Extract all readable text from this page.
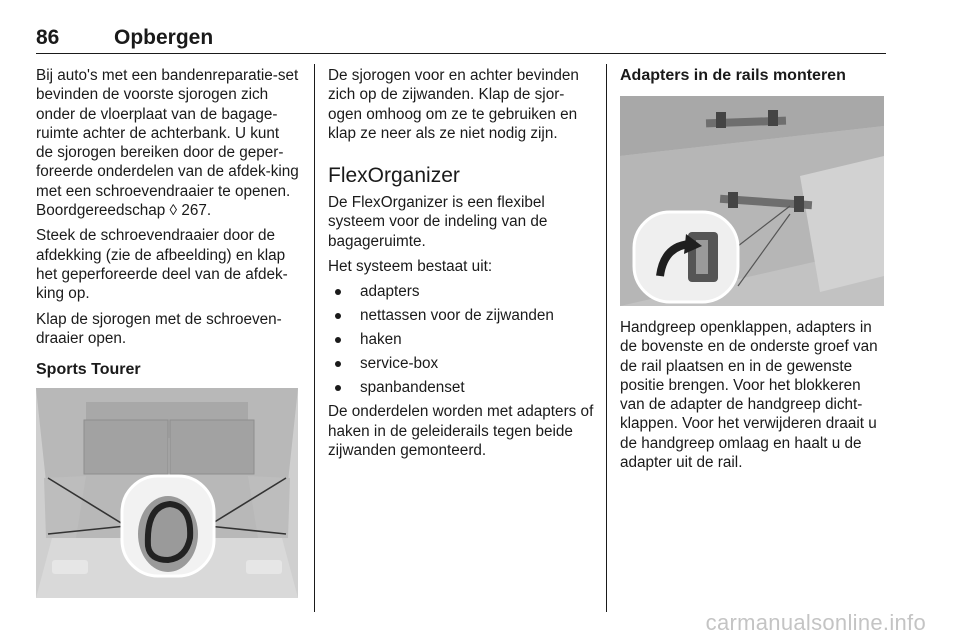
86	Opbergen

Bij auto's met een bandenreparatie-set bevinden de voorste sjorogen zich onder de vloerplaat van de bagage-ruimte achter de achterbank. U kunt de sjorogen bereiken door de geper-foreerde onderdelen van de afdek-king met een schroevendraaier te openen. Boordgereedschap ◊ 267.

Steek de schroevendraaier door de afdekking (zie de afbeelding) en klap het geperforeerde deel van de afdek-king op.

Klap de sjorogen met de schroeven-draaier open.

Sports Tourer

De sjorogen voor en achter bevinden zich op de zijwanden. Klap de sjor-ogen omhoog om ze te gebruiken en klap ze neer als ze niet nodig zijn.

FlexOrganizer

De FlexOrganizer is een flexibel systeem voor de indeling van de bagageruimte.

Het systeem bestaat uit:

adapters
nettassen voor de zijwanden
haken
service-box
spanbandenset

De onderdelen worden met adapters of haken in de geleiderails tegen beide zijwanden gemonteerd.

Adapters in de rails monteren

Handgreep openklappen, adapters in de bovenste en de onderste groef van de rail plaatsen en in de gewenste positie brengen. Voor het blokkeren van de adapter de handgreep dicht-klappen. Voor het verwijderen draait u de handgreep omlaag en haalt u de adapter uit de rail.

carmanualsonline.info
